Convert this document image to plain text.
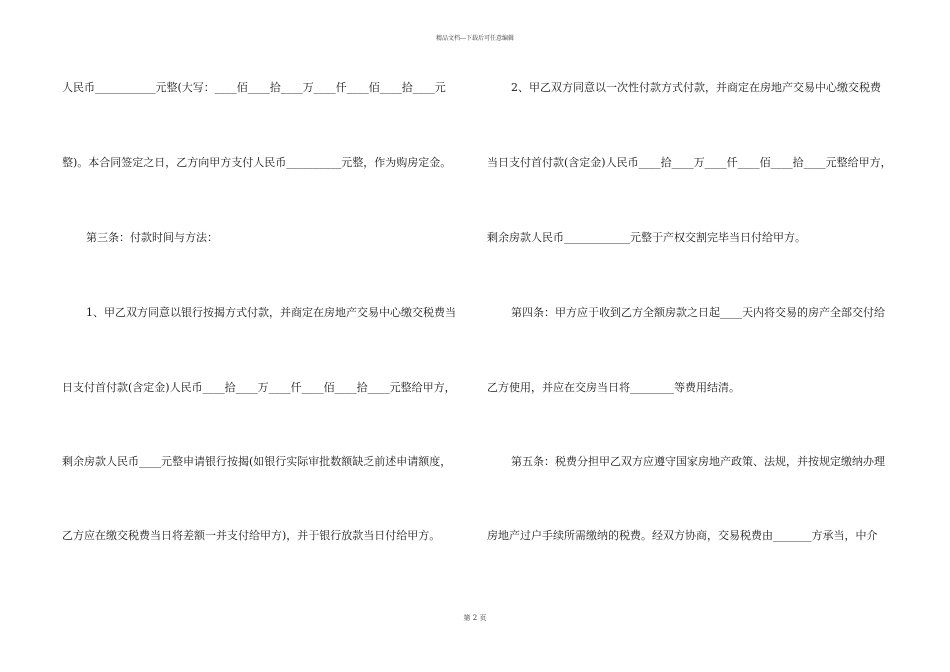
精品文档---下载后可任意编辑
人民币___________元整(大写：____佰____拾____万____仟____佰____拾____元
整)。本合同签定之日，乙方向甲方支付人民币__________元整，作为购房定金。
第三条：付款时间与方法：
1、甲乙双方同意以银行按揭方式付款，并商定在房地产交易中心缴交税费当
日支付首付款(含定金)人民币____拾____万____仟____佰____拾____元整给甲方，
剩余房款人民币____元整申请银行按揭(如银行实际审批数额缺乏前述申请额度，
乙方应在缴交税费当日将差额一并支付给甲方)，并于银行放款当日付给甲方。
2、甲乙双方同意以一次性付款方式付款，并商定在房地产交易中心缴交税费
当日支付首付款(含定金)人民币____拾____万____仟____佰____拾____元整给甲方，
剩余房款人民币____________元整于产权交割完毕当日付给甲方。
第四条：甲方应于收到乙方全额房款之日起____天内将交易的房产全部交付给
乙方使用，并应在交房当日将________等费用结清。
第五条：税费分担甲乙双方应遵守国家房地产政策、法规，并按规定缴纳办理
房地产过户手续所需缴纳的税费。经双方协商，交易税费由_______方承当，中介
第 2 页
